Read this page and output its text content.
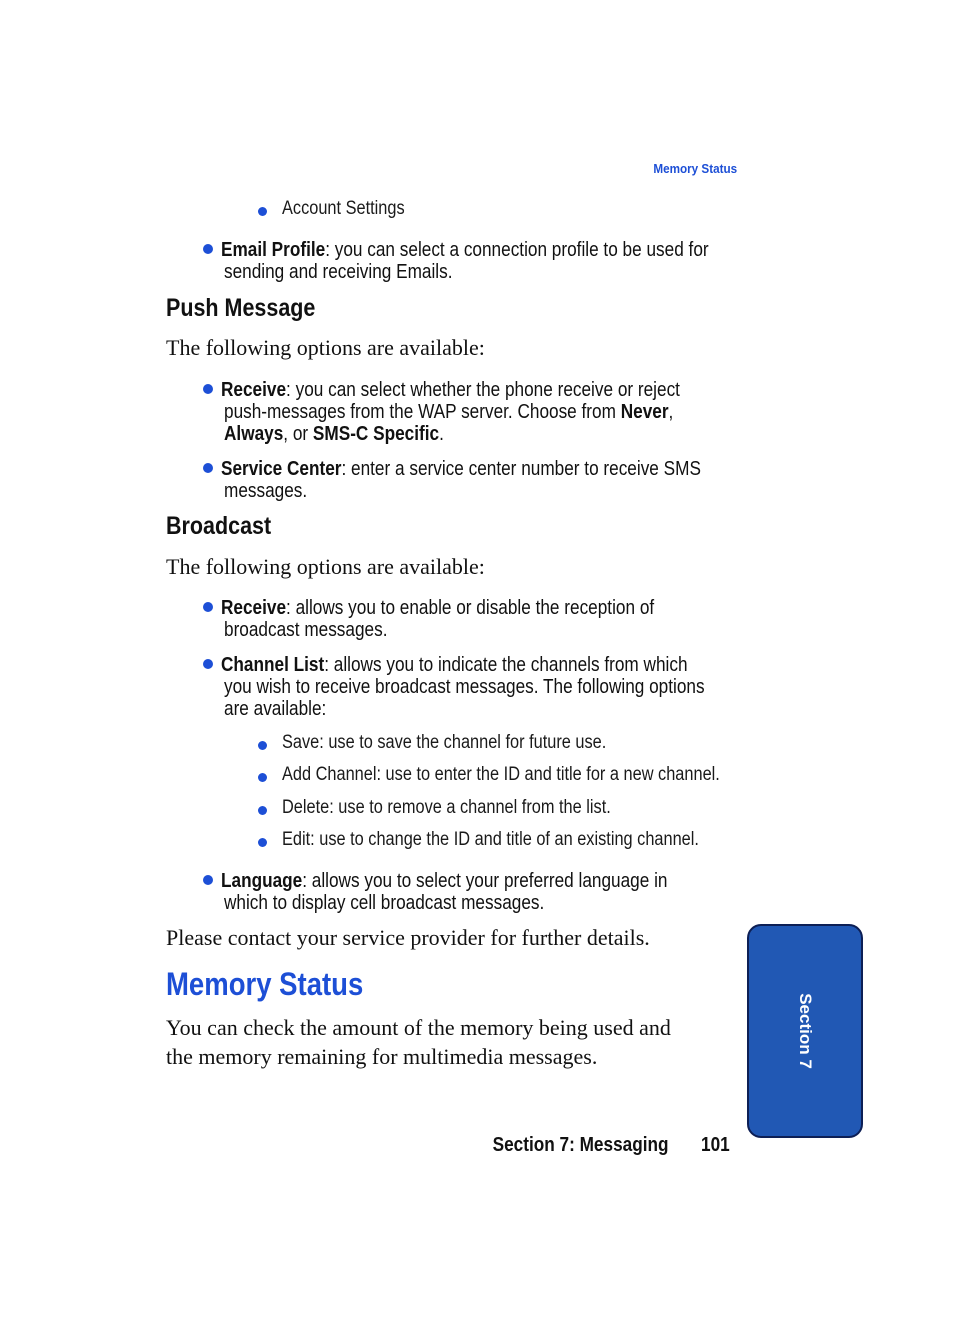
Memory Status
Account Settings
Email Profile: you can select a connection profile to be used for
sending and receiving Emails.
Push Message
The following options are available:
Receive: you can select whether the phone receive or reject
push-messages from the WAP server. Choose from Never,
Always, or SMS-C Specific.
Service Center: enter a service center number to receive SMS
messages.
Broadcast
The following options are available:
Receive: allows you to enable or disable the reception of
broadcast messages.
Channel List: allows you to indicate the channels from which
you wish to receive broadcast messages. The following options
are available:
Save: use to save the channel for future use.
Add Channel: use to enter the ID and title for a new channel.
Delete: use to remove a channel from the list.
Edit: use to change the ID and title of an existing channel.
Language: allows you to select your preferred language in
which to display cell broadcast messages.
Please contact your service provider for further details.
Memory Status
You can check the amount of the memory being used and
the memory remaining for multimedia messages.	Section 7
Section 7: Messaging 101
